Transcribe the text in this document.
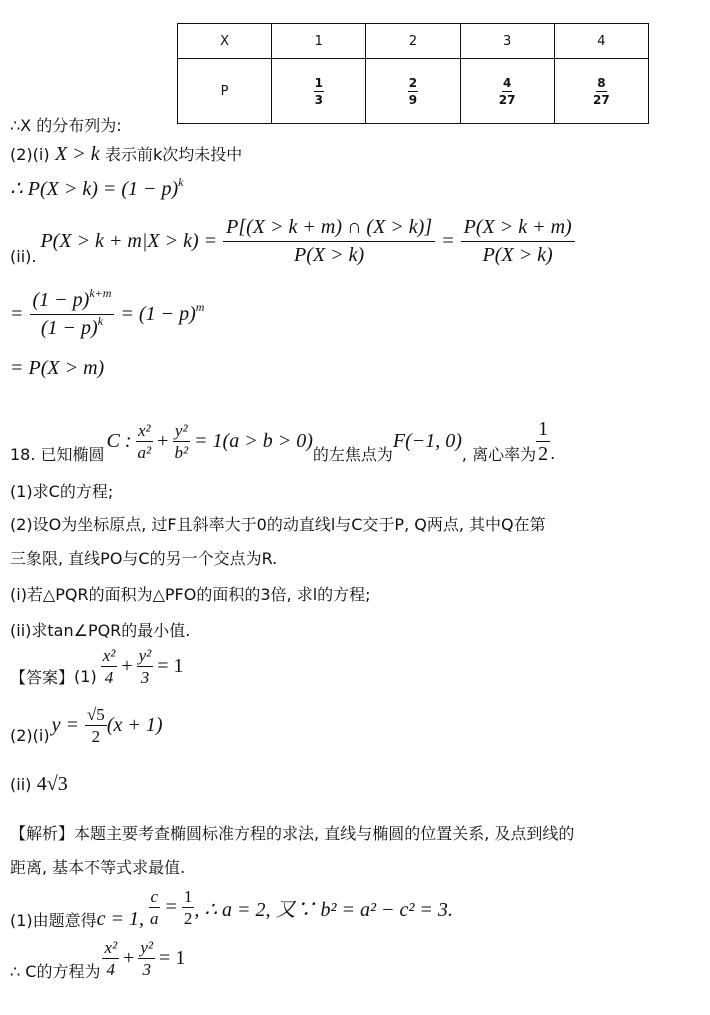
X	1	2	3	4
P	$\frac{1}{3}$	$\frac{2}{9}$	$\frac{4}{27}$	$\frac{8}{27}$
∴X 的分布列为:
(2)(i) X > k 表示前k次均未投中
∴ $P(X > k) = (1 - p)^k$
(ii).
$P(X > k + m|X > k) = \frac{P[(X > k + m) \cap (X > k)]}{P(X > k)} = \frac{P(X > k + m)}{P(X > k)}$
= $\frac{(1 - p)^{k+m}}{(1 - p)^k} = (1 - p)^m$
= P(X > m)
18. 已知椭圆
C : $\frac{\text{x²}}{\text{a²}} + \frac{\text{y²}}{\text{b²}} = 1(a > b > 0)$
的左焦点为
F(−1, 0)
, 离心率为 $\frac{1}{2}$ .
(1)求C的方程;
(2)设O为坐标原点, 过F且斜率大于0的动直线l与C交于P, Q两点, 其中Q在第
三象限, 直线PO与C的另一个交点为R.
(i)若△PQR的面积为△PFO的面积的3倍, 求l的方程;
(ii)求tan∠PQR的最小值.
【答案】 $(1) \frac{\text{x²}}{4} + \frac{\text{y²}}{3} = 1$
(2)(i) $y = \frac{√5}{2} (x + 1)$
(ii) 4√3
【解析】本题主要考查椭圆标准方程的求法, 直线与椭圆的位置关系, 及点到线的
距离, 基本不等式求最值.
(1)由题意得 c = 1, $\frac{c}{a} = \frac{1}{2}$ , ∴ a = 2, 又∵ b² = a² − c² = 3.
∴ C的方程为 $\frac{\text{x²}}{4} + \frac{\text{y²}}{3} = 1$
